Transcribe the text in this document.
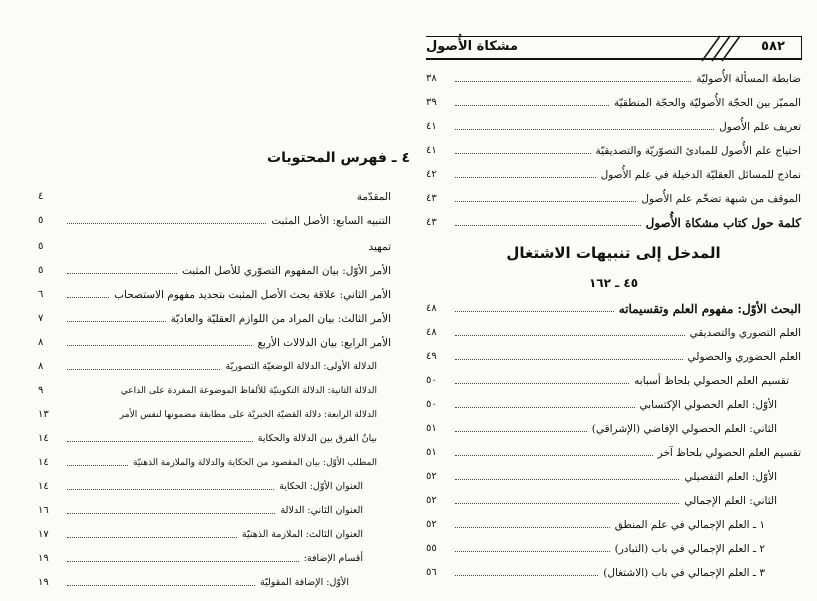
مشكاة الأُصول	٥٨٢
ضابطة المسألة الأُصوليّة
٣٨
المميّز بين الحجّة الأُصوليّة والحجّة المنطقيّة
٣٩
تعريف علم الأُصول
٤١
احتياج علم الأُصول للمبادئ التصوّريّة والتصديقيّة
٤١
نماذج للمسائل العقليّة الدخيلة في علم الأُصول
٤٢
الموقف من شبهة تضخّم علم الأُصول
٤٣
كلمة حول كتاب مشكاة الأُصول
٤٣
المدخل إلى تنبيهات الاشتغال
٤٥ ـ ١٦٢
البحث الأوّل: مفهوم العلم وتقسيماته
٤٨
العلم التصوري والتصديقي
٤٨
العلم الحضوري والحصولي
٤٩
تقسيم العلم الحصولي بلحاظ أسبابه
٥٠
الأوّل: العلم الحصولي الإكتسابي
٥٠
الثاني: العلم الحصولي الإفاضي (الإشراقي)
٥١
تقسيم العلم الحصولي بلحاظ آخر
٥١
الأوّل: العلم التفصيلي
٥٢
الثاني: العلم الإجمالي
٥٢
١ ـ العلم الإجمالي في علم المنطق
٥٢
٢ ـ العلم الإجمالي في باب (التبادر)
٥٥
٣ ـ العلم الإجمالي في باب (الاشتغال)
٥٦
٤ ـ فهرس المحتويات
المقدّمة
٤
التنبيه السابع: الأصل المثبت
٥
تمهيد
٥
الأمر الأوّل: بيان المفهوم التصوّري للأصل المثبت
٥
الأمر الثاني: علاقة بحث الأصل المثبت بتحديد مفهوم الاستصحاب
٦
الأمر الثالث: بيان المراد من اللوازم العقليّة والعاديّة
٧
الأمر الرابع: بيان الدلالات الأربع
٨
الدلالة الأولى: الدلالة الوضعيّة التصوريّة
٨
الدلالة الثانية: الدلالة التكوينيّة للألفاظ الموضوعة المفردة على الداعي
٩
الدلالة الرابعة: دلالة القضيّة الخبريّة على مطابقة مضمونها لنفس الأمر
١٣
بيانُ الفرق بين الدلالة والحكاية
١٤
المطلب الأوّل: بيان المقصود من الحكاية والدلالة والملازمة الذهنيّة
١٤
العنوان الأوّل: الحكاية
١٤
العنوان الثاني: الدلالة
١٦
العنوان الثالث: الملازمة الذهنيّة
١٧
أقسام الإضافة:
١٩
الأوّل: الإضافة المقوليّة
١٩
